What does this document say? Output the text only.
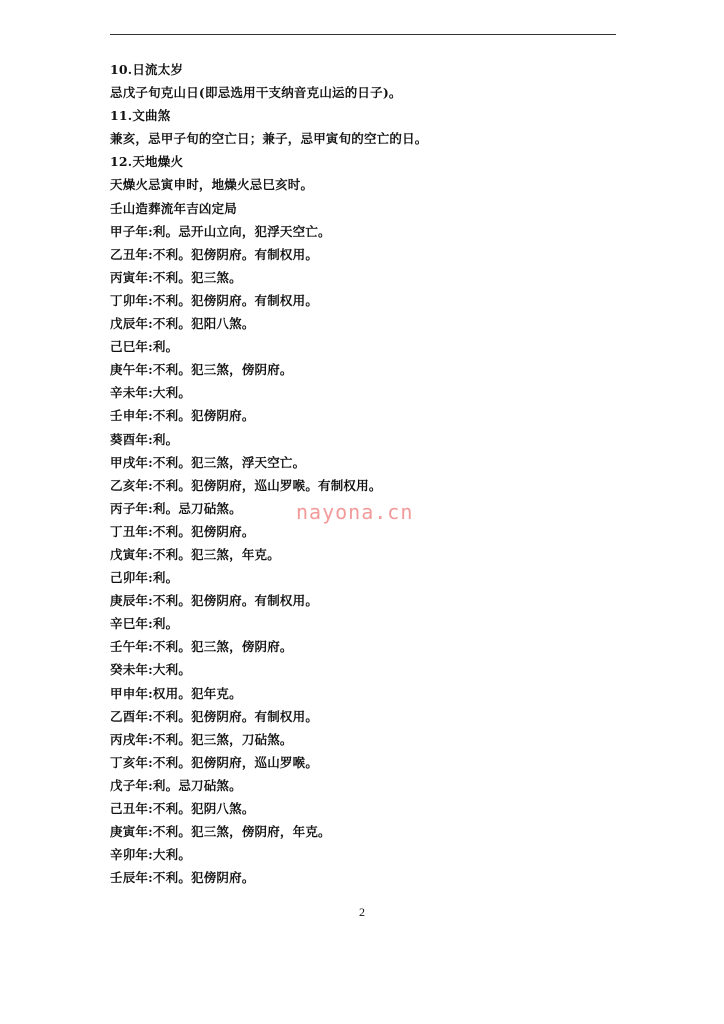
10.日流太岁
忌戊子旬克山日(即忌选用干支纳音克山运的日子)。
11.文曲煞
兼亥，忌甲子旬的空亡日；兼子，忌甲寅旬的空亡的日。
12.天地燥火
天燥火忌寅申时，地燥火忌巳亥时。
壬山造葬流年吉凶定局
甲子年:利。忌开山立向，犯浮天空亡。
乙丑年:不利。犯傍阴府。有制权用。
丙寅年:不利。犯三煞。
丁卯年:不利。犯傍阴府。有制权用。
戊辰年:不利。犯阳八煞。
己巳年:利。
庚午年:不利。犯三煞，傍阴府。
辛未年:大利。
壬申年:不利。犯傍阴府。
葵酉年:利。
甲戌年:不利。犯三煞，浮天空亡。
乙亥年:不利。犯傍阴府，巡山罗喉。有制权用。
丙子年:利。忌刀砧煞。
丁丑年:不利。犯傍阴府。
戊寅年:不利。犯三煞，年克。
己卯年:利。
庚辰年:不利。犯傍阴府。有制权用。
辛巳年:利。
壬午年:不利。犯三煞，傍阴府。
癸未年:大利。
甲申年:权用。犯年克。
乙酉年:不利。犯傍阴府。有制权用。
丙戌年:不利。犯三煞，刀砧煞。
丁亥年:不利。犯傍阴府，巡山罗喉。
戊子年:利。忌刀砧煞。
己丑年:不利。犯阴八煞。
庚寅年:不利。犯三煞，傍阴府，年克。
辛卯年:大利。
壬辰年:不利。犯傍阴府。
nayona.cn
2
